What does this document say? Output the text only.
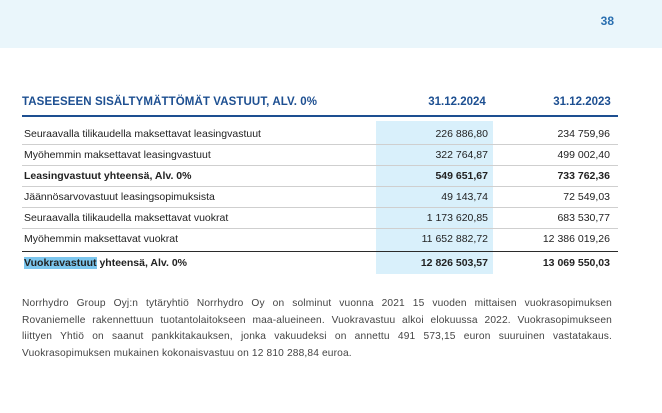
38
TASEESEEN SISÄLTYMÄTTÖMÄT VASTUUT, ALV. 0%	31.12.2024	31.12.2023
Seuraavalla tilikaudella maksettavat leasingvastuut	226 886,80	234 759,96
Myöhemmin maksettavat leasingvastuut	322 764,87	499 002,40
Leasingvastuut yhteensä, Alv. 0%	549 651,67	733 762,36
Jäännösarvovastuut leasingsopimuksista	49 143,74	72 549,03
Seuraavalla tilikaudella maksettavat vuokrat	1 173 620,85	683 530,77
Myöhemmin maksettavat vuokrat	11 652 882,72	12 386 019,26
Vuokravastuut yhteensä, Alv. 0%	12 826 503,57	13 069 550,03
Norrhydro Group Oyj:n tytäryhtiö Norrhydro Oy on solminut vuonna 2021 15 vuoden mittaisen vuokrasopimuksen Rovaniemelle rakennettuun tuotantolaitokseen maa-alueineen. Vuokravastuu alkoi elokuussa 2022. Vuokrasopimukseen liittyen Yhtiö on saanut pankkitakauksen, jonka vakuudeksi on annettu 491 573,15 euron suuruinen vastatakaus. Vuokrasopimuksen mukainen kokonaisvastuu on 12 810 288,84 euroa.
